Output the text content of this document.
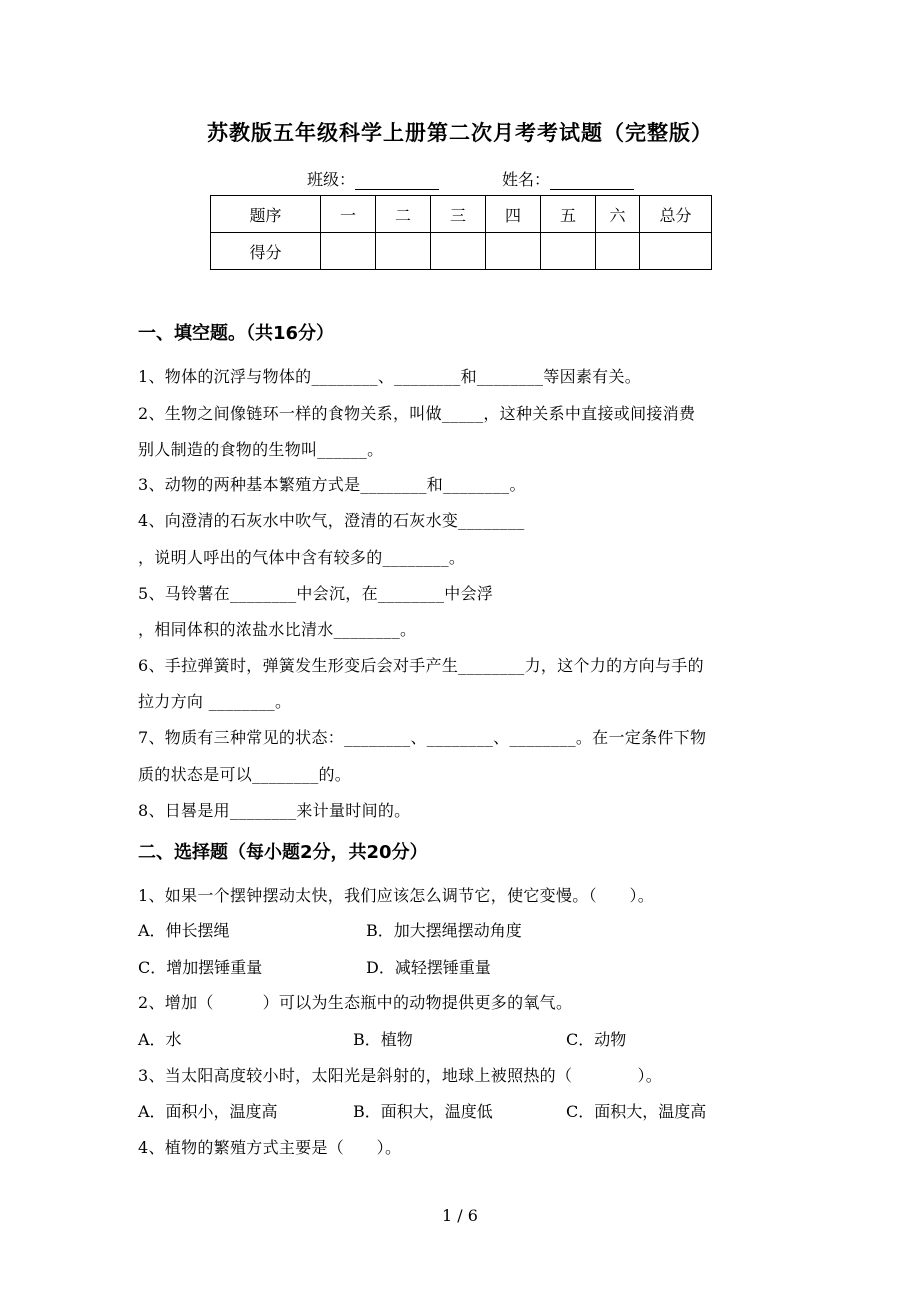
苏教版五年级科学上册第二次月考考试题（完整版）
班级：	姓名：
题序	一	二	三	四	五	六	总分
得分							
一、填空题。（共16分）
1、物体的沉浮与物体的________、________和________等因素有关。
2、生物之间像链环一样的食物关系，叫做_____，这种关系中直接或间接消费
别人制造的食物的生物叫______。
3、动物的两种基本繁殖方式是________和________。
4、向澄清的石灰水中吹气，澄清的石灰水变________
，说明人呼出的气体中含有较多的________。
5、马铃薯在________中会沉，在________中会浮
，相同体积的浓盐水比清水________。
6、手拉弹簧时，弹簧发生形变后会对手产生________力，这个力的方向与手的
拉力方向 ________。
7、物质有三种常见的状态：________、________、________。在一定条件下物
质的状态是可以________的。
8、日晷是用________来计量时间的。
二、选择题（每小题2分，共20分）
1、如果一个摆钟摆动太快，我们应该怎么调节它，使它变慢。（　　）。
A．伸长摆绳	B．加大摆绳摆动角度
C．增加摆锤重量	D．减轻摆锤重量
2、增加（　　　）可以为生态瓶中的动物提供更多的氧气。
A．水	B．植物	C．动物
3、当太阳高度较小时，太阳光是斜射的，地球上被照热的（　　　　）。
A．面积小，温度高	B．面积大，温度低	C．面积大，温度高
4、植物的繁殖方式主要是（　　）。
1 / 6
